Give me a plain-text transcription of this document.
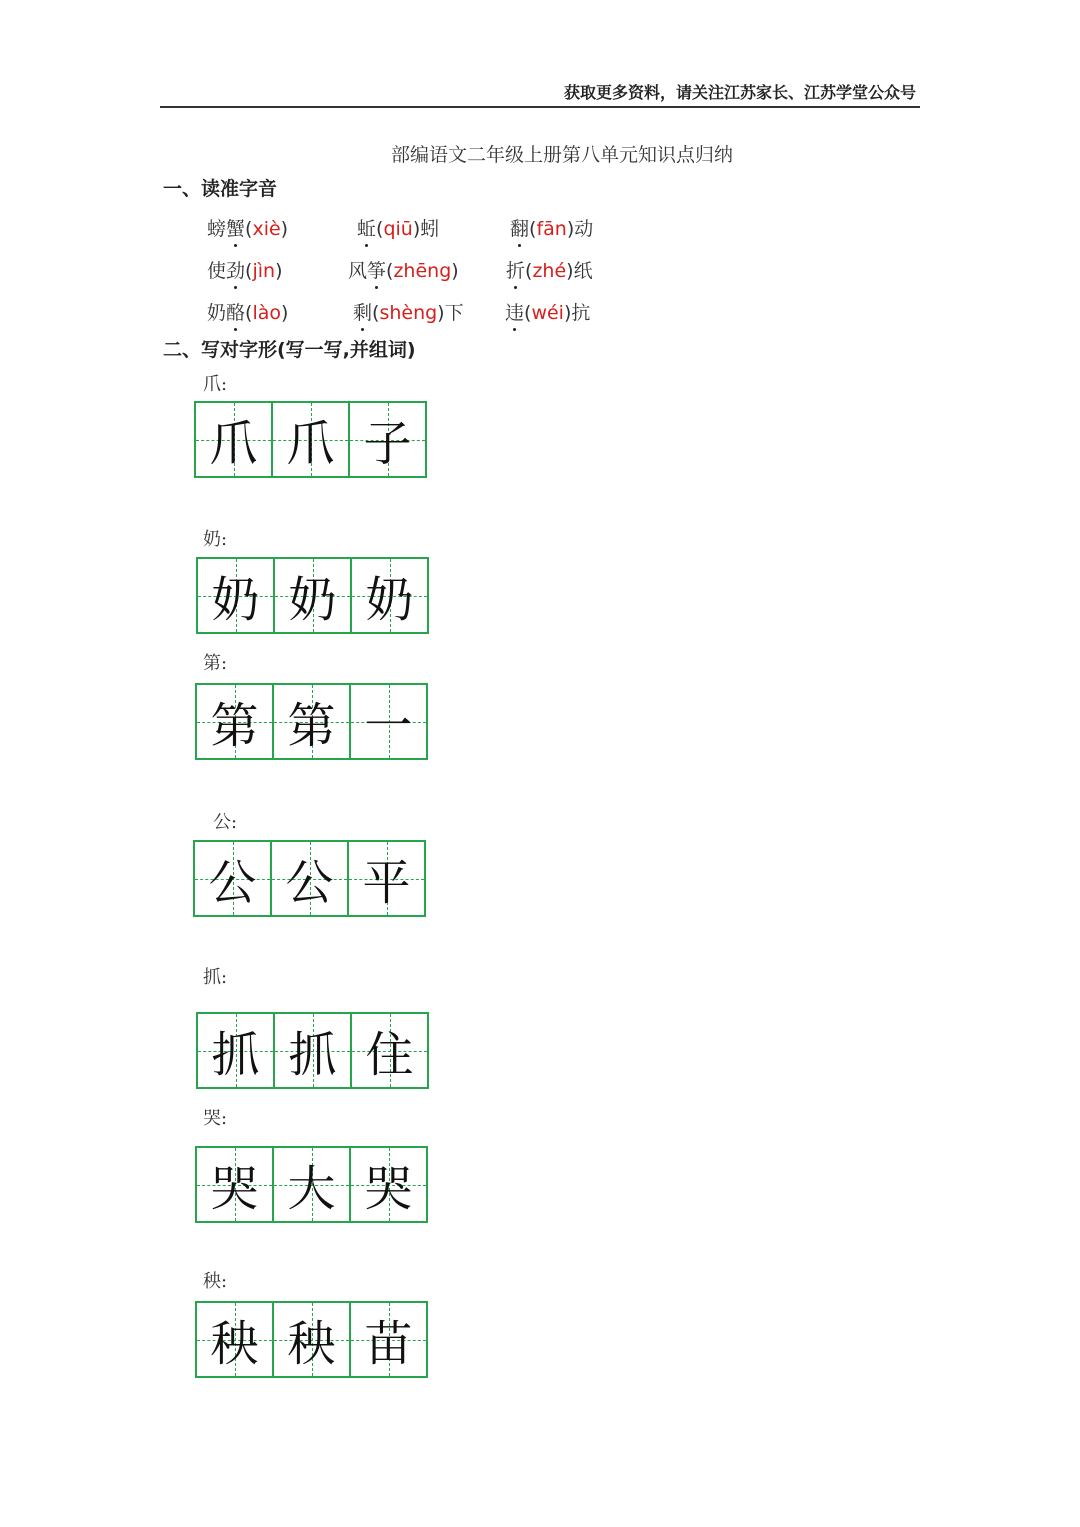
获取更多资料，请关注江苏家长、江苏学堂公众号
部编语文二年级上册第八单元知识点归纳
一、读准字音
螃蟹(xiè)	蚯(qiū)蚓	翻(fān)动
使劲(jìn)	风筝(zhēng) 折(zhé)纸
奶酪(lào)	剩(shèng)下 违(wéi)抗
二、写对字形(写一写,并组词)
爪:
爪 爪 子
奶:
奶 奶 奶
第:
第 第 一
公:
公 公 平
抓:
抓 抓 住
哭:
哭 大 哭
秧:
秧 秧 苗
